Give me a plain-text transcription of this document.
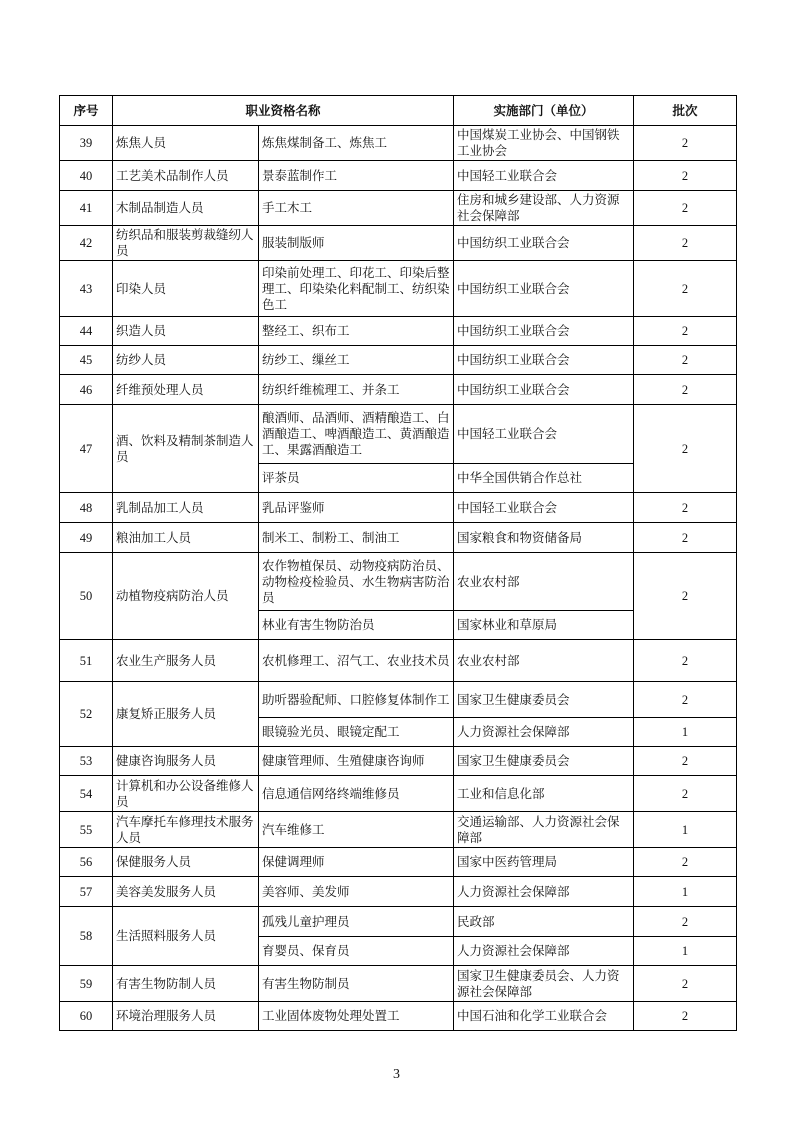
序号	职业资格名称		实施部门（单位）	批次
39	炼焦人员	炼焦煤制备工、炼焦工	中国煤炭工业协会、中国钢铁工业协会	2
40	工艺美术品制作人员	景泰蓝制作工	中国轻工业联合会	2
41	木制品制造人员	手工木工	住房和城乡建设部、人力资源社会保障部	2
42	纺织品和服装剪裁缝纫人员	服装制版师	中国纺织工业联合会	2
43	印染人员	印染前处理工、印花工、印染后整理工、印染染化料配制工、纺织染色工	中国纺织工业联合会	2
44	织造人员	整经工、织布工	中国纺织工业联合会	2
45	纺纱人员	纺纱工、缫丝工	中国纺织工业联合会	2
46	纤维预处理人员	纺织纤维梳理工、并条工	中国纺织工业联合会	2
47	酒、饮料及精制茶制造人员	酿酒师、品酒师、酒精酿造工、白酒酿造工、啤酒酿造工、黄酒酿造工、果露酒酿造工	中国轻工业联合会	2
		评茶员	中华全国供销合作总社	
48	乳制品加工人员	乳品评鉴师	中国轻工业联合会	2
49	粮油加工人员	制米工、制粉工、制油工	国家粮食和物资储备局	2
50	动植物疫病防治人员	农作物植保员、动物疫病防治员、动物检疫检验员、水生物病害防治员	农业农村部	2
		林业有害生物防治员	国家林业和草原局	
51	农业生产服务人员	农机修理工、沼气工、农业技术员	农业农村部	2
52	康复矫正服务人员	助听器验配师、口腔修复体制作工	国家卫生健康委员会	2
		眼镜验光员、眼镜定配工	人力资源社会保障部	1
53	健康咨询服务人员	健康管理师、生殖健康咨询师	国家卫生健康委员会	2
54	计算机和办公设备维修人员	信息通信网络终端维修员	工业和信息化部	2
55	汽车摩托车修理技术服务人员	汽车维修工	交通运输部、人力资源社会保障部	1
56	保健服务人员	保健调理师	国家中医药管理局	2
57	美容美发服务人员	美容师、美发师	人力资源社会保障部	1
58	生活照料服务人员	孤残儿童护理员	民政部	2
		育婴员、保育员	人力资源社会保障部	1
59	有害生物防制人员	有害生物防制员	国家卫生健康委员会、人力资源社会保障部	2
60	环境治理服务人员	工业固体废物处理处置工	中国石油和化学工业联合会	2
3
